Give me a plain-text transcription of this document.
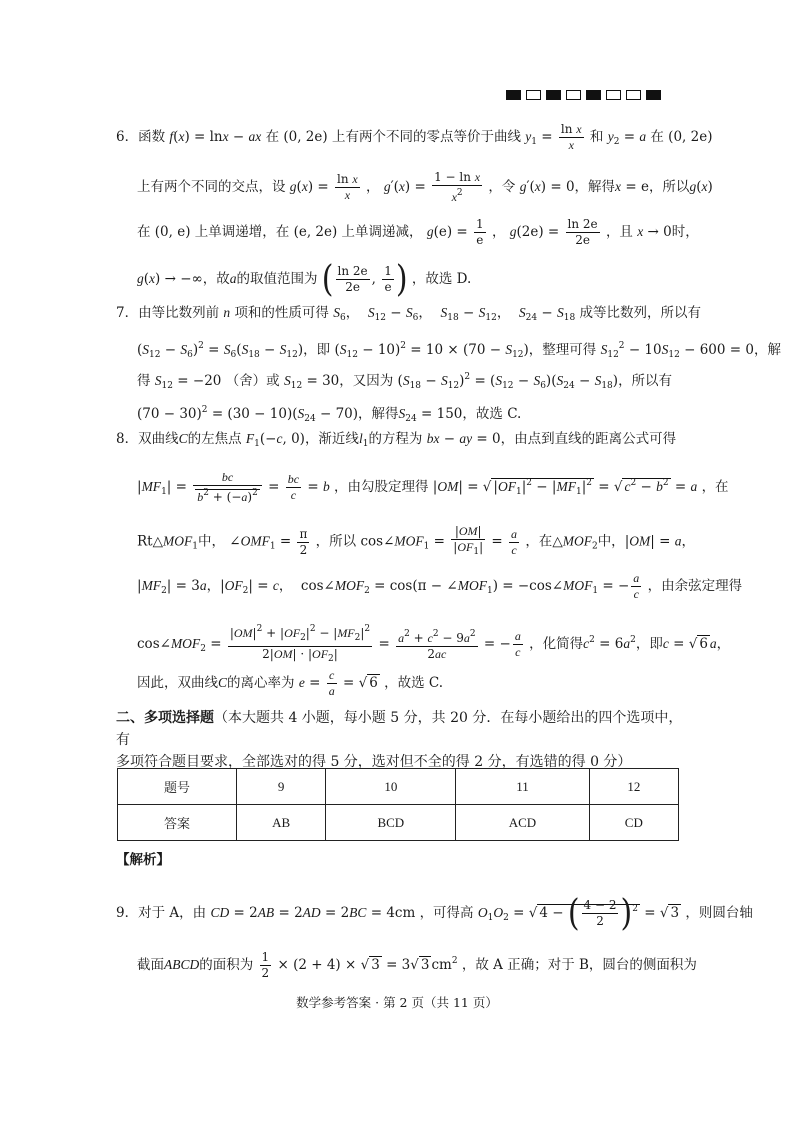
6．函数 f(x) = lnx − ax 在 (0, 2e) 上有两个不同的零点等价于曲线 $y_1 = \frac{\text{ln x}}{x}$ 和 $y_2 = a$ 在 (0, 2e)
上有两个不同的交点，设 $g(x) = \frac{\text{ln x}}{x}$ ， $g'(x) = \frac{\text{1 − ln x}}{x^2}$ ，令 g′(x) = 0，解得x = e，所以g(x)
在 (0, e) 上单调递增，在 (e, 2e) 上单调递减， $g(e) = \frac{1}{e}$ ， $g(2e) = \frac{\ln 2e}{2e}$ ，且 x → 0时，
g(x) → −∞，故a的取值范围为 ( $\frac{\ln 2e}{2e}$ , $\frac{1}{e}$ ) ，故选 D.
7．由等比数列前 n 项和的性质可得 $S_6$，  $S_{12} - S_6$，  $S_{18} - S_{12}$，  $S_{24} - S_{18}$ 成等比数列，所以有
$(S_{12} - S_6)^2 = S_6(S_{18} - S_{12})$，即 $(S_{12} - 10)^2 = 10 \times (70 - S_{12})$，整理可得 $S_{12}^2 - 10S_{12} - 600 = 0$，解
得 $S_{12} = -20$ （舍）或 $S_{12} = 30$，又因为 $(S_{18} - S_{12})^2 = (S_{12} - S_6)(S_{24} - S_{18})$，所以有
$(70 - 30)^2 = (30 - 10)(S_{24} - 70)$，解得$S_{24} = 150$，故选 C.
8．双曲线C的左焦点 $F_1(-c$, 0)，渐近线$l_1$的方程为 bx − ay = 0，由点到直线的距离公式可得
$|MF_1| = \frac{bc}{b^2 + (-a)^2} = \frac{bc}{c} = b$ ，由勾股定理得 |OM| = √ $|OF_1|^2 - |MF_1|^2$ = √ $c^2 - b^2 = a$ ，在
$Rt\triangle MOF_1$中， $\angle OMF_1 = \frac{\pi}{2}$ ，所以 $\cos\angle MOF_1 = \frac{|OM|}{|OF_1|} = \frac{a}{c}$ ，在$\triangle MOF_2$中，|OM| = a，
$|MF_2| = 3a$，$|OF_2| = c$，  $\cos\angle MOF_2 = \cos(\pi$ − $\angle MOF_1$) = $-\cos\angle MOF_1$ = − $\frac{a}{c}$ ，由余弦定理得
$\cos\angle MOF_2 = \frac{|OM|^2 + |OF_2|^2 - |MF_2|^2}{2|OM| \cdot |OF_2|} = \frac{a^2 + c^2 - 9a^2}{2ac}$ = − $\frac{a}{c}$ ，化简得$c^2 = 6a^2$，即c = √ 6 a，
因此，双曲线C的离心率为 $e = \frac{c}{a}$ = √ 6 ，故选 C.
二、多项选择题（本大题共 4 小题，每小题 5 分，共 20 分．在每小题给出的四个选项中，有
多项符合题目要求，全部选对的得 5 分，选对但不全的得 2 分，有选错的得 0 分）
题号	9	10	11	12
答案	AB	BCD	ACD	CD
【解析】
9．对于 A，由 CD = 2AB = 2AD = 2BC = 4cm ，可得高 $O_1O_2$ = √ 4 − ( $\frac{4 - 2}{2} )^2$ = √ 3 ，则圆台轴
截面ABCD的面积为 $\frac{1}{2} \times (2 + 4)$ × √ 3 = 3√ 3 $cm^2$ ，故 A 正确；对于 B，圆台的侧面积为
数学参考答案 · 第 2 页（共 11 页）
